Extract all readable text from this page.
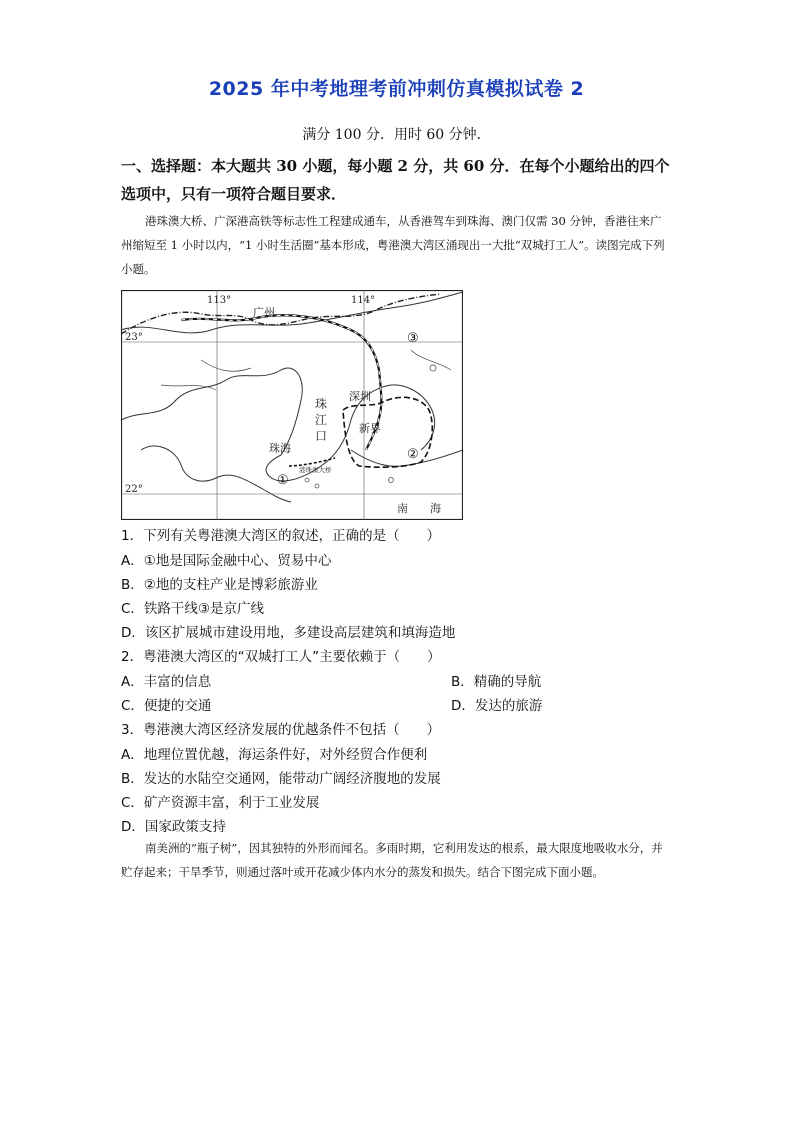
2025 年中考地理考前冲刺仿真模拟试卷 2
满分 100 分．用时 60 分钟．
一、选择题：本大题共 30 小题，每小题 2 分，共 60 分．在每个小题给出的四个选项中，只有一项符合题目要求．
港珠澳大桥、广深港高铁等标志性工程建成通车，从香港驾车到珠海、澳门仅需 30 分钟，香港往来广州缩短至 1 小时以内，“1 小时生活圈”基本形成，粤港澳大湾区涌现出一大批“双城打工人”。读图完成下列小题。
113°	114°
23°
22°
广州
深圳
珠
江
口
新界
珠海
港珠澳大桥
南　　海
①
②
③
1．下列有关粤港澳大湾区的叙述，正确的是（　　）
A．①地是国际金融中心、贸易中心
B．②地的支柱产业是博彩旅游业
C．铁路干线③是京广线
D．该区扩展城市建设用地，多建设高层建筑和填海造地
2．粤港澳大湾区的“双城打工人”主要依赖于（　　）
A．丰富的信息	B．精确的导航
C．便捷的交通	D．发达的旅游
3．粤港澳大湾区经济发展的优越条件不包括（　　）
A．地理位置优越，海运条件好，对外经贸合作便利
B．发达的水陆空交通网，能带动广阔经济腹地的发展
C．矿产资源丰富，利于工业发展
D．国家政策支持
南美洲的“瓶子树”，因其独特的外形而闻名。多雨时期，它利用发达的根系，最大限度地吸收水分，并贮存起来；干旱季节，则通过落叶或开花减少体内水分的蒸发和损失。结合下图完成下面小题。
